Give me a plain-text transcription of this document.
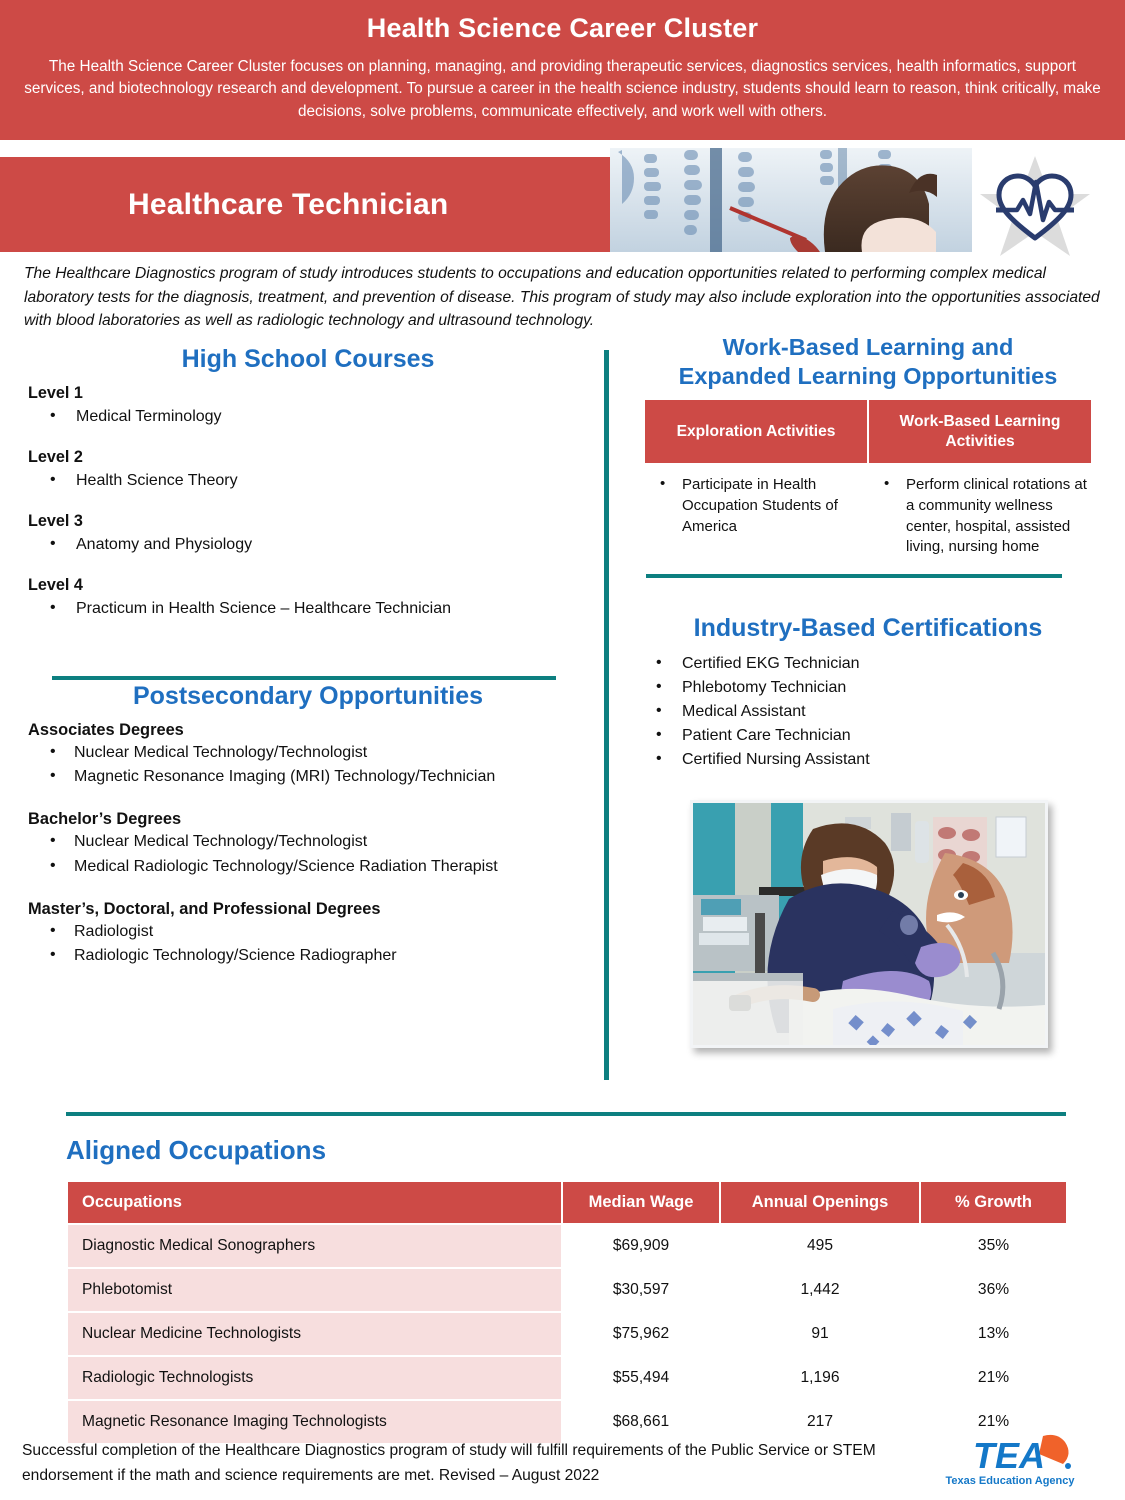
Health Science Career Cluster
The Health Science Career Cluster focuses on planning, managing, and providing therapeutic services, diagnostics services, health informatics, support services, and biotechnology research and development. To pursue a career in the health science industry, students should learn to reason, think critically, make decisions, solve problems, communicate effectively, and work well with others.
Healthcare Technician
The Healthcare Diagnostics program of study introduces students to occupations and education opportunities related to performing complex medical laboratory tests for the diagnosis, treatment, and prevention of disease. This program of study may also include exploration into the opportunities associated with blood laboratories as well as radiologic technology and ultrasound technology.
High School Courses
Level 1
• Medical Terminology
Level 2
• Health Science Theory
Level 3
• Anatomy and Physiology
Level 4
• Practicum in Health Science – Healthcare Technician
Postsecondary Opportunities
Associates Degrees
• Nuclear Medical Technology/Technologist
• Magnetic Resonance Imaging (MRI) Technology/Technician
Bachelor’s Degrees
• Nuclear Medical Technology/Technologist
• Medical Radiologic Technology/Science Radiation Therapist
Master’s, Doctoral, and Professional Degrees
• Radiologist
• Radiologic Technology/Science Radiographer
Work-Based Learning and
Expanded Learning Opportunities
Exploration Activities	Work-Based Learning Activities

• Participate in Health Occupation Students of America

• Perform clinical rotations at a community wellness center, hospital, assisted living, nursing home
Industry-Based Certifications
• Certified EKG Technician
• Phlebotomy Technician
• Medical Assistant
• Patient Care Technician
• Certified Nursing Assistant
Aligned Occupations
Occupations	Median Wage	Annual Openings	% Growth
Diagnostic Medical Sonographers	$69,909	495	35%
Phlebotomist	$30,597	1,442	36%
Nuclear Medicine Technologists	$75,962	91	13%
Radiologic Technologists	$55,494	1,196	21%
Magnetic Resonance Imaging Technologists	$68,661	217	21%
Successful completion of the Healthcare Diagnostics program of study will fulfill requirements of the Public Service or STEM endorsement if the math and science requirements are met. Revised – August 2022	TEA
Texas Education Agency
